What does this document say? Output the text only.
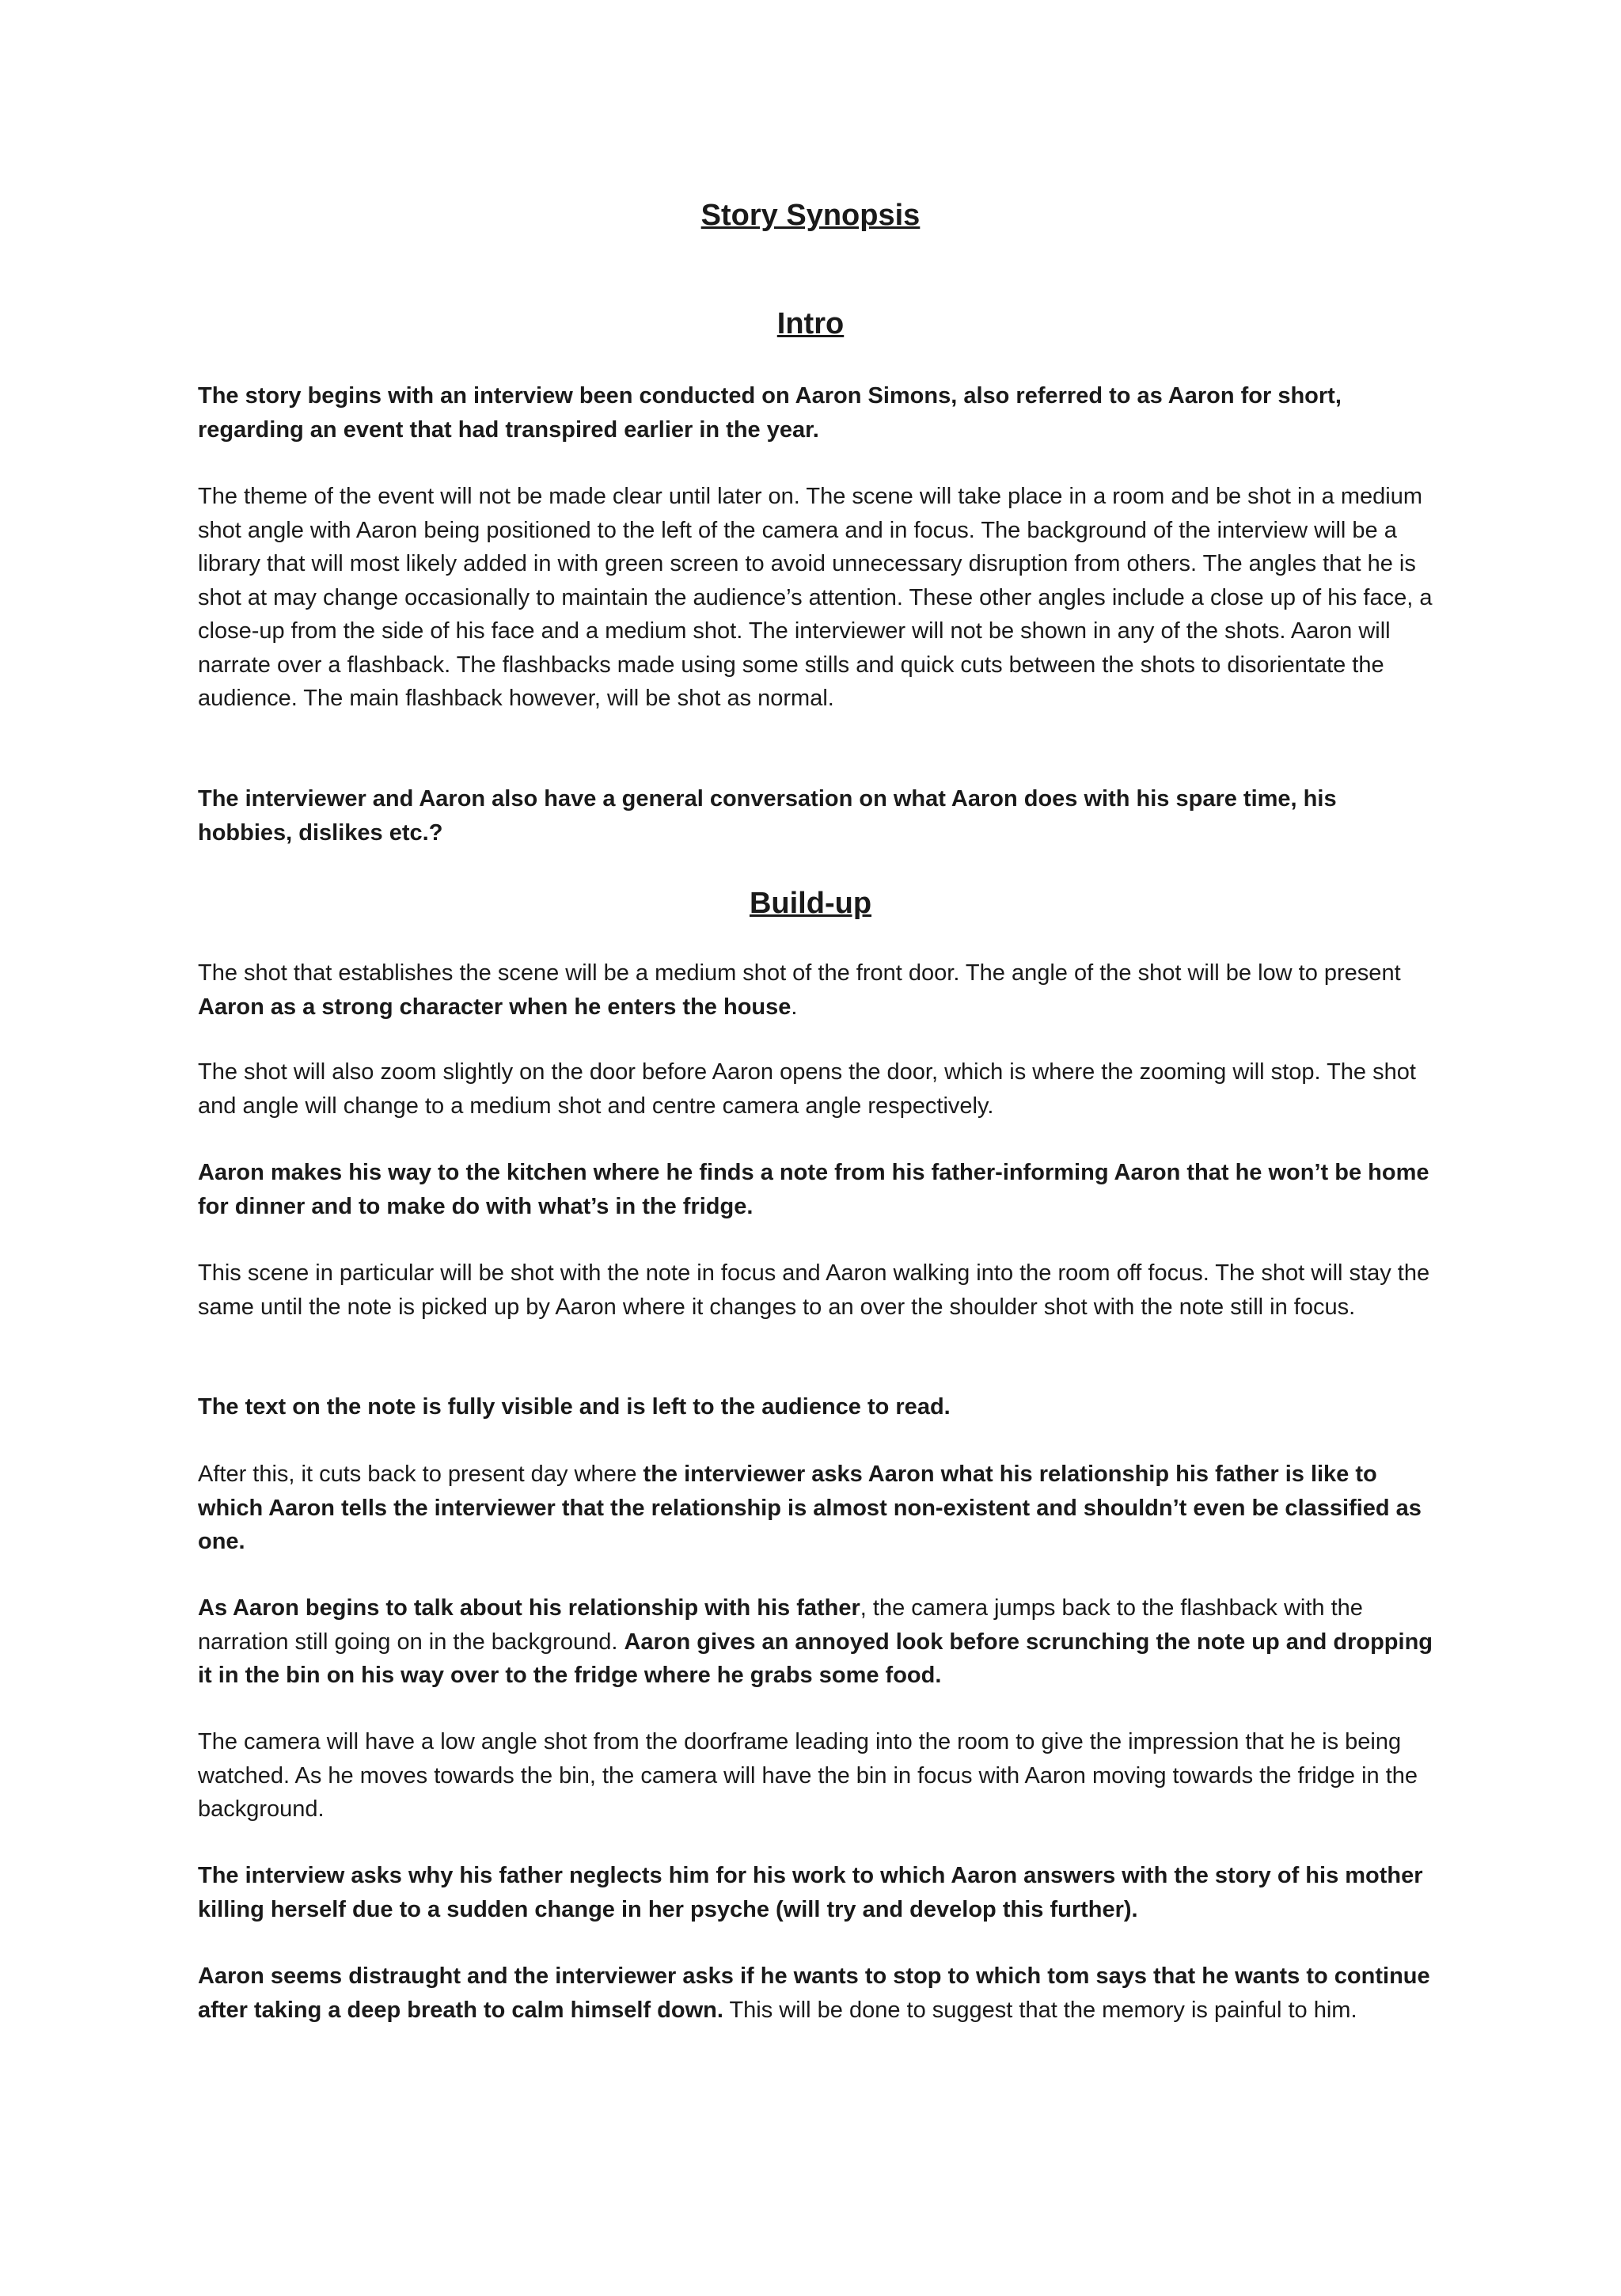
Story Synopsis
Intro

The story begins with an interview been conducted on Aaron Simons, also referred to as Aaron for short, regarding an event that had transpired earlier in the year.

The theme of the event will not be made clear until later on. The scene will take place in a room and be shot in a medium shot angle with Aaron being positioned to the left of the camera and in focus. The background of the interview will be a library that will most likely added in with green screen to avoid unnecessary disruption from others. The angles that he is shot at may change occasionally to maintain the audience’s attention. These other angles include a close up of his face, a close-up from the side of his face and a medium shot. The interviewer will not be shown in any of the shots. Aaron will narrate over a flashback. The flashbacks made using some stills and quick cuts between the shots to disorientate the audience. The main flashback however, will be shot as normal.

The interviewer and Aaron also have a general conversation on what Aaron does with his spare time, his hobbies, dislikes etc.?

Build-up

The shot that establishes the scene will be a medium shot of the front door. The angle of the shot will be low to present Aaron as a strong character when he enters the house.

The shot will also zoom slightly on the door before Aaron opens the door, which is where the zooming will stop. The shot and angle will change to a medium shot and centre camera angle respectively.

Aaron makes his way to the kitchen where he finds a note from his father-informing Aaron that he won’t be home for dinner and to make do with what’s in the fridge.

This scene in particular will be shot with the note in focus and Aaron walking into the room off focus. The shot will stay the same until the note is picked up by Aaron where it changes to an over the shoulder shot with the note still in focus.

The text on the note is fully visible and is left to the audience to read.

After this, it cuts back to present day where the interviewer asks Aaron what his relationship his father is like to which Aaron tells the interviewer that the relationship is almost non-existent and shouldn’t even be classified as one.

As Aaron begins to talk about his relationship with his father, the camera jumps back to the flashback with the narration still going on in the background. Aaron gives an annoyed look before scrunching the note up and dropping it in the bin on his way over to the fridge where he grabs some food.

The camera will have a low angle shot from the doorframe leading into the room to give the impression that he is being watched. As he moves towards the bin, the camera will have the bin in focus with Aaron moving towards the fridge in the background.

The interview asks why his father neglects him for his work to which Aaron answers with the story of his mother killing herself due to a sudden change in her psyche (will try and develop this further).

Aaron seems distraught and the interviewer asks if he wants to stop to which tom says that he wants to continue after taking a deep breath to calm himself down. This will be done to suggest that the memory is painful to him.
